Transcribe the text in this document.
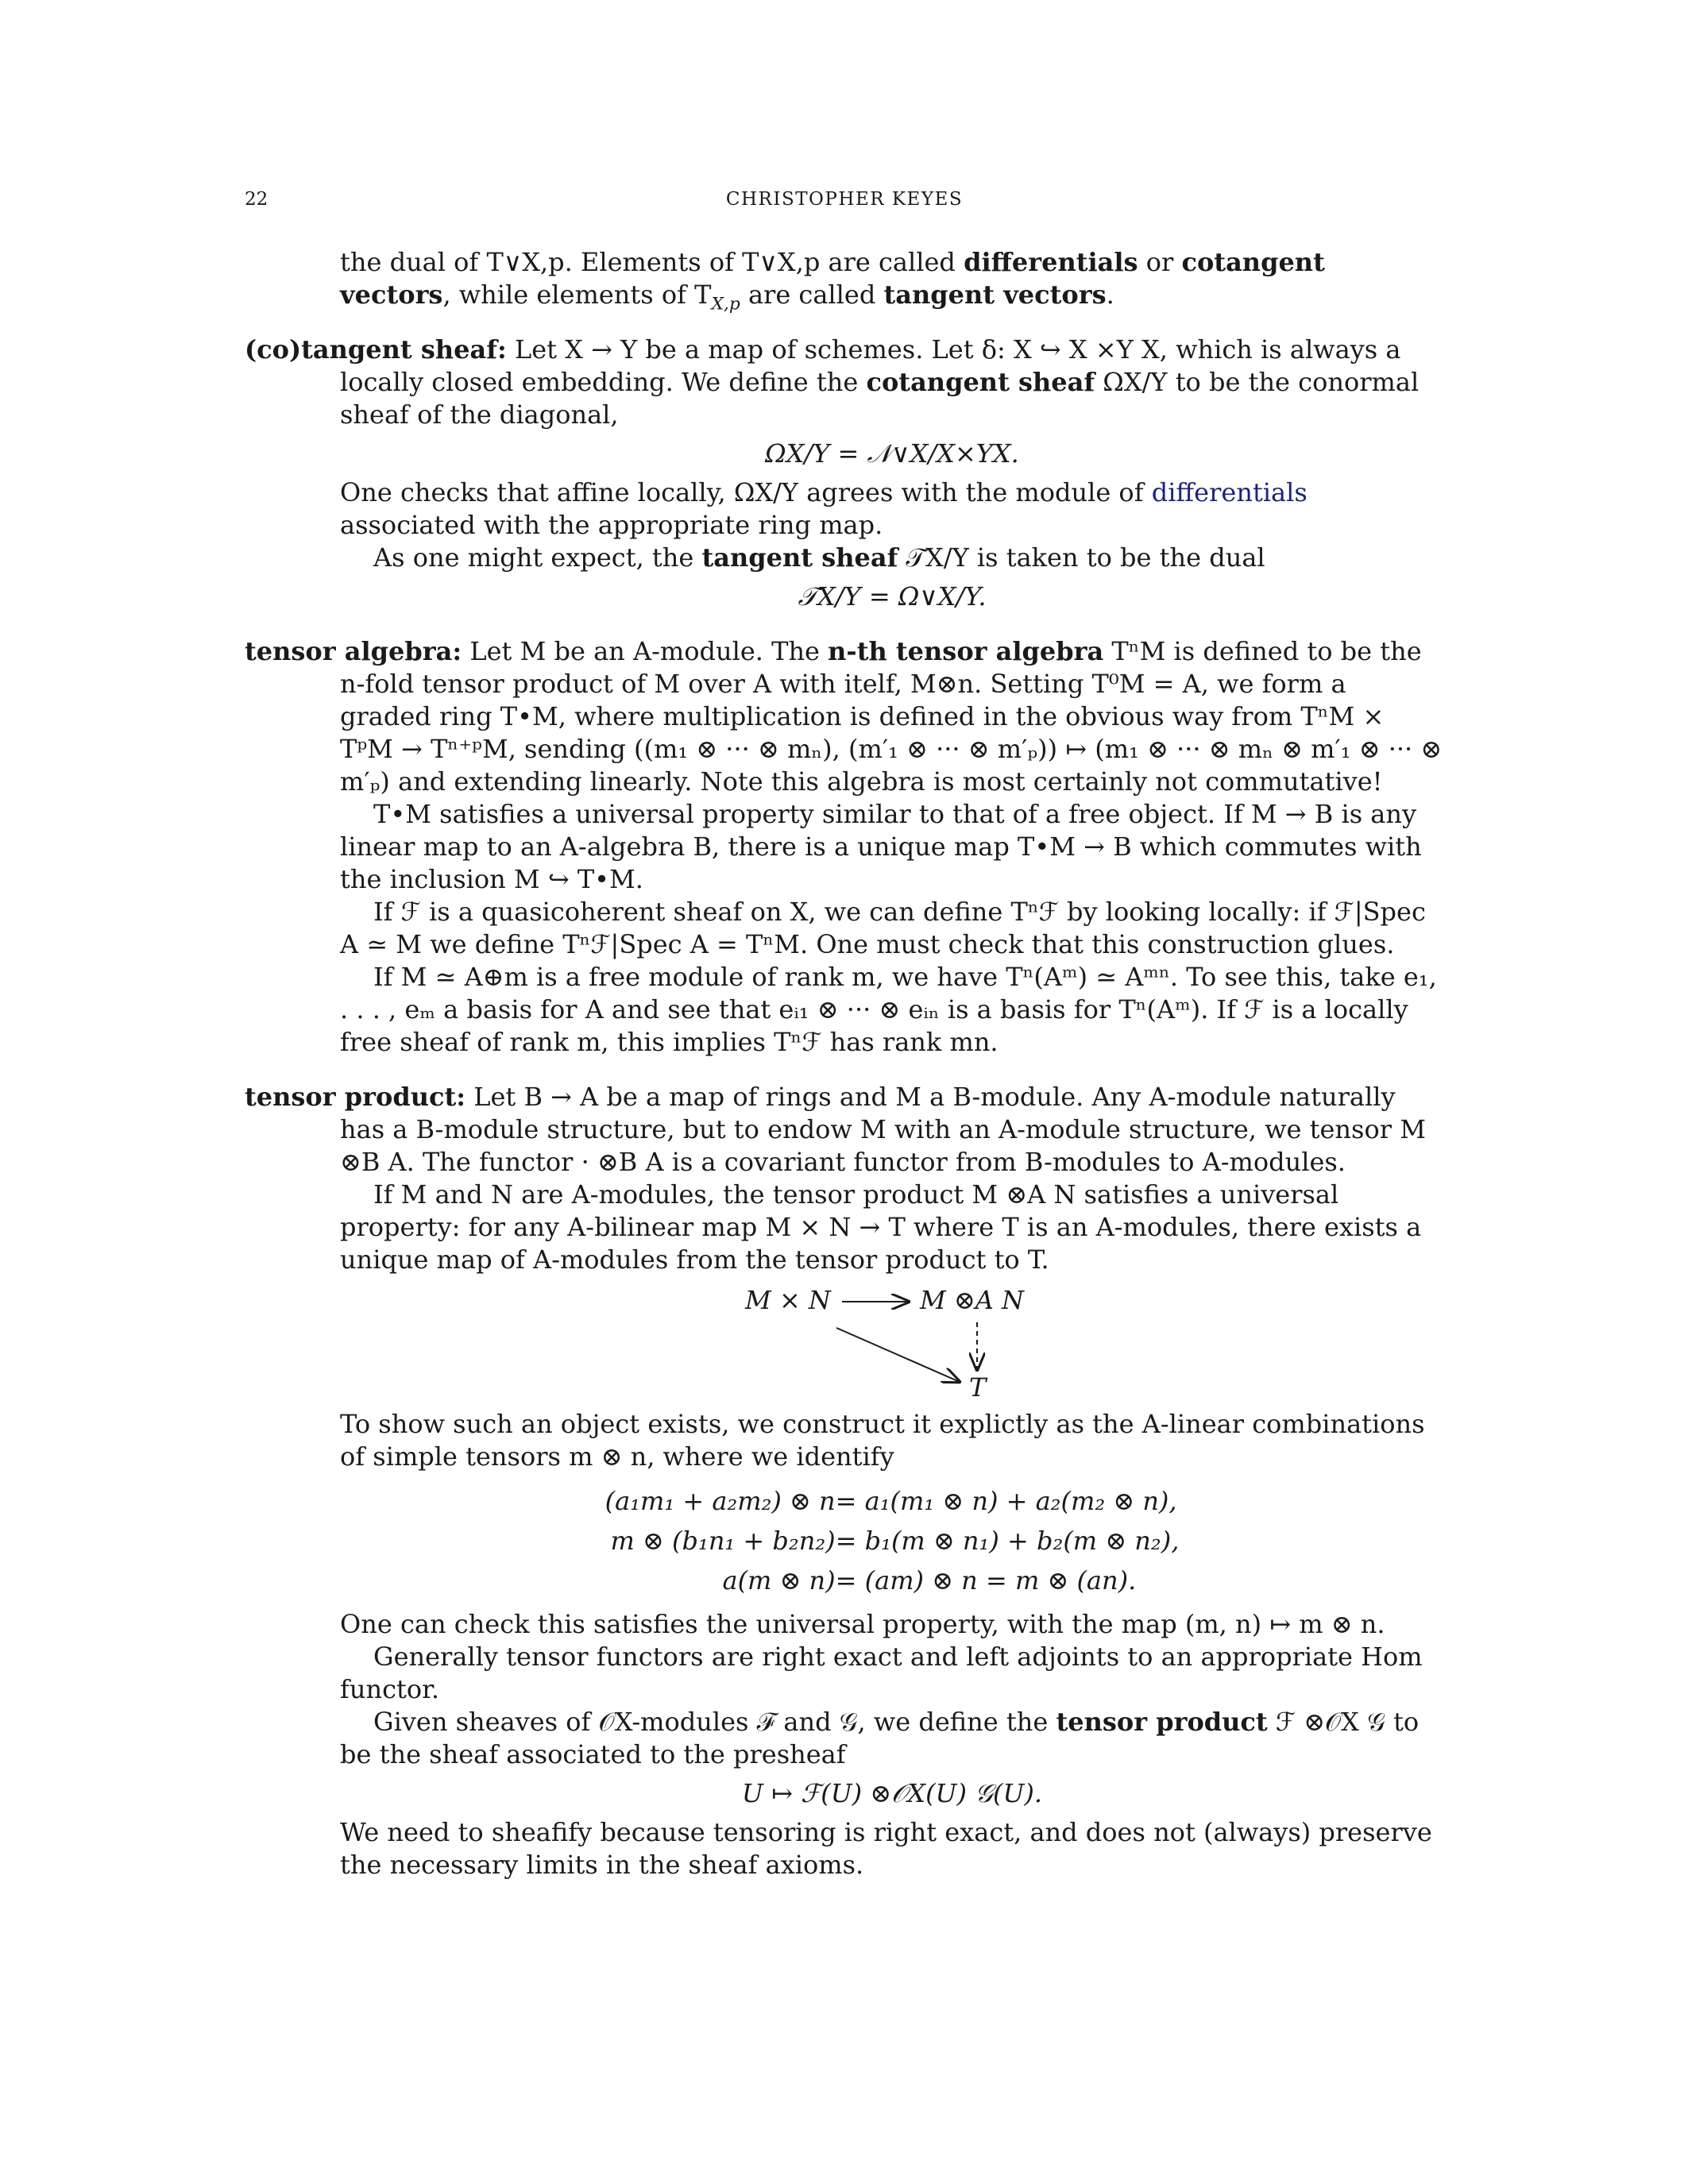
22	CHRISTOPHER KEYES
the dual of T∨X,p. Elements of T∨X,p are called differentials or cotangent vectors, while elements of $T_{X,p}$ are called tangent vectors.
(co)tangent sheaf: Let X → Y be a map of schemes. Let δ: X ↪ X ×Y X, which is always a locally closed embedding. We define the cotangent sheaf ΩX/Y to be the conormal sheaf of the diagonal,
ΩX/Y = 𝒩∨X/X×YX.
One checks that affine locally, ΩX/Y agrees with the module of differentials associated with the appropriate ring map.
As one might expect, the tangent sheaf 𝒯X/Y is taken to be the dual
𝒯X/Y = Ω∨X/Y.
tensor algebra: Let M be an A-module. The n-th tensor algebra TⁿM is defined to be the n-fold tensor product of M over A with itelf, M⊗n. Setting T⁰M = A, we form a graded ring T•M, where multiplication is defined in the obvious way from TⁿM × TᵖM → Tⁿ⁺ᵖM, sending ((m₁ ⊗ ··· ⊗ mₙ), (m′₁ ⊗ ··· ⊗ m′ₚ)) ↦ (m₁ ⊗ ··· ⊗ mₙ ⊗ m′₁ ⊗ ··· ⊗ m′ₚ) and extending linearly. Note this algebra is most certainly not commutative!
T•M satisfies a universal property similar to that of a free object. If M → B is any linear map to an A-algebra B, there is a unique map T•M → B which commutes with the inclusion M ↪ T•M.
If ℱ is a quasicoherent sheaf on X, we can define Tⁿℱ by looking locally: if ℱ|Spec A ≃ M we define Tⁿℱ|Spec A = TⁿM. One must check that this construction glues.
If M ≃ A⊕m is a free module of rank m, we have Tⁿ(Aᵐ) ≃ Aᵐⁿ. To see this, take e₁, . . . , eₘ a basis for A and see that eᵢ₁ ⊗ ··· ⊗ eᵢₙ is a basis for Tⁿ(Aᵐ). If ℱ is a locally free sheaf of rank m, this implies Tⁿℱ has rank mn.
tensor product: Let B → A be a map of rings and M a B-module. Any A-module naturally has a B-module structure, but to endow M with an A-module structure, we tensor M ⊗B A. The functor · ⊗B A is a covariant functor from B-modules to A-modules.
If M and N are A-modules, the tensor product M ⊗A N satisfies a universal property: for any A-bilinear map M × N → T where T is an A-modules, there exists a unique map of A-modules from the tensor product to T.
M × N	M ⊗A N
T
To show such an object exists, we construct it explictly as the A-linear combinations of simple tensors m ⊗ n, where we identify
(a₁m₁ + a₂m₂) ⊗ n	= a₁(m₁ ⊗ n) + a₂(m₂ ⊗ n),
m ⊗ (b₁n₁ + b₂n₂)	= b₁(m ⊗ n₁) + b₂(m ⊗ n₂),
a(m ⊗ n)	= (am) ⊗ n = m ⊗ (an).
One can check this satisfies the universal property, with the map (m, n) ↦ m ⊗ n.
Generally tensor functors are right exact and left adjoints to an appropriate Hom functor.
Given sheaves of 𝒪X-modules ℱ and 𝒢, we define the tensor product ℱ ⊗𝒪X 𝒢 to be the sheaf associated to the presheaf
U ↦ ℱ(U) ⊗𝒪X(U) 𝒢(U).
We need to sheafify because tensoring is right exact, and does not (always) preserve the necessary limits in the sheaf axioms.
